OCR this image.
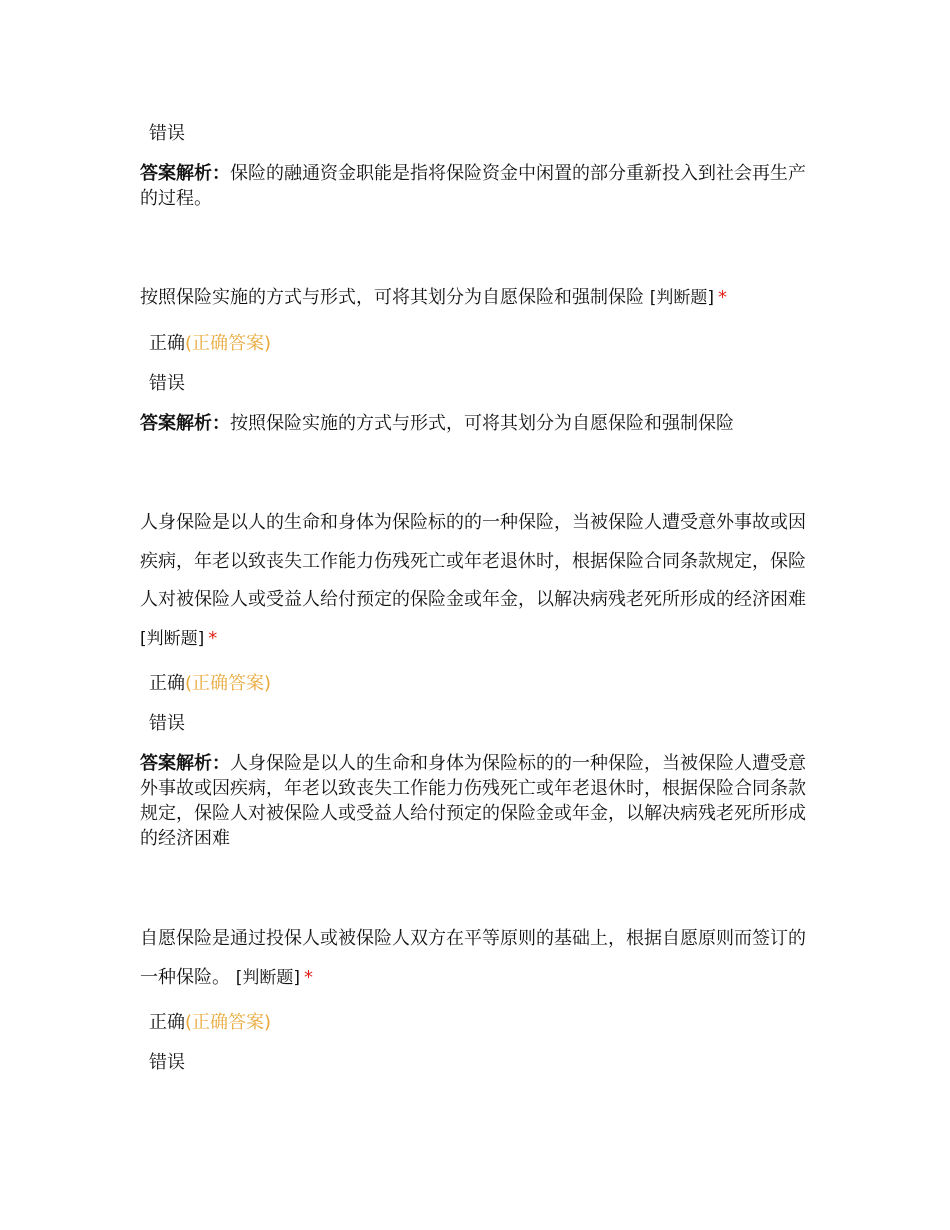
错误

答案解析：保险的融通资金职能是指将保险资金中闲置的部分重新投入到社会再生产的过程。

按照保险实施的方式与形式，可将其划分为自愿保险和强制保险 [判断题] *

正确(正确答案)

错误

答案解析：按照保险实施的方式与形式，可将其划分为自愿保险和强制保险

人身保险是以人的生命和身体为保险标的的一种保险，当被保险人遭受意外事故或因疾病，年老以致丧失工作能力伤残死亡或年老退休时，根据保险合同条款规定，保险人对被保险人或受益人给付预定的保险金或年金，以解决病残老死所形成的经济困难 [判断题] *

正确(正确答案)

错误

答案解析：人身保险是以人的生命和身体为保险标的的一种保险，当被保险人遭受意外事故或因疾病，年老以致丧失工作能力伤残死亡或年老退休时，根据保险合同条款规定，保险人对被保险人或受益人给付预定的保险金或年金，以解决病残老死所形成的经济困难

自愿保险是通过投保人或被保险人双方在平等原则的基础上，根据自愿原则而签订的一种保险。 [判断题] *

正确(正确答案)

错误
